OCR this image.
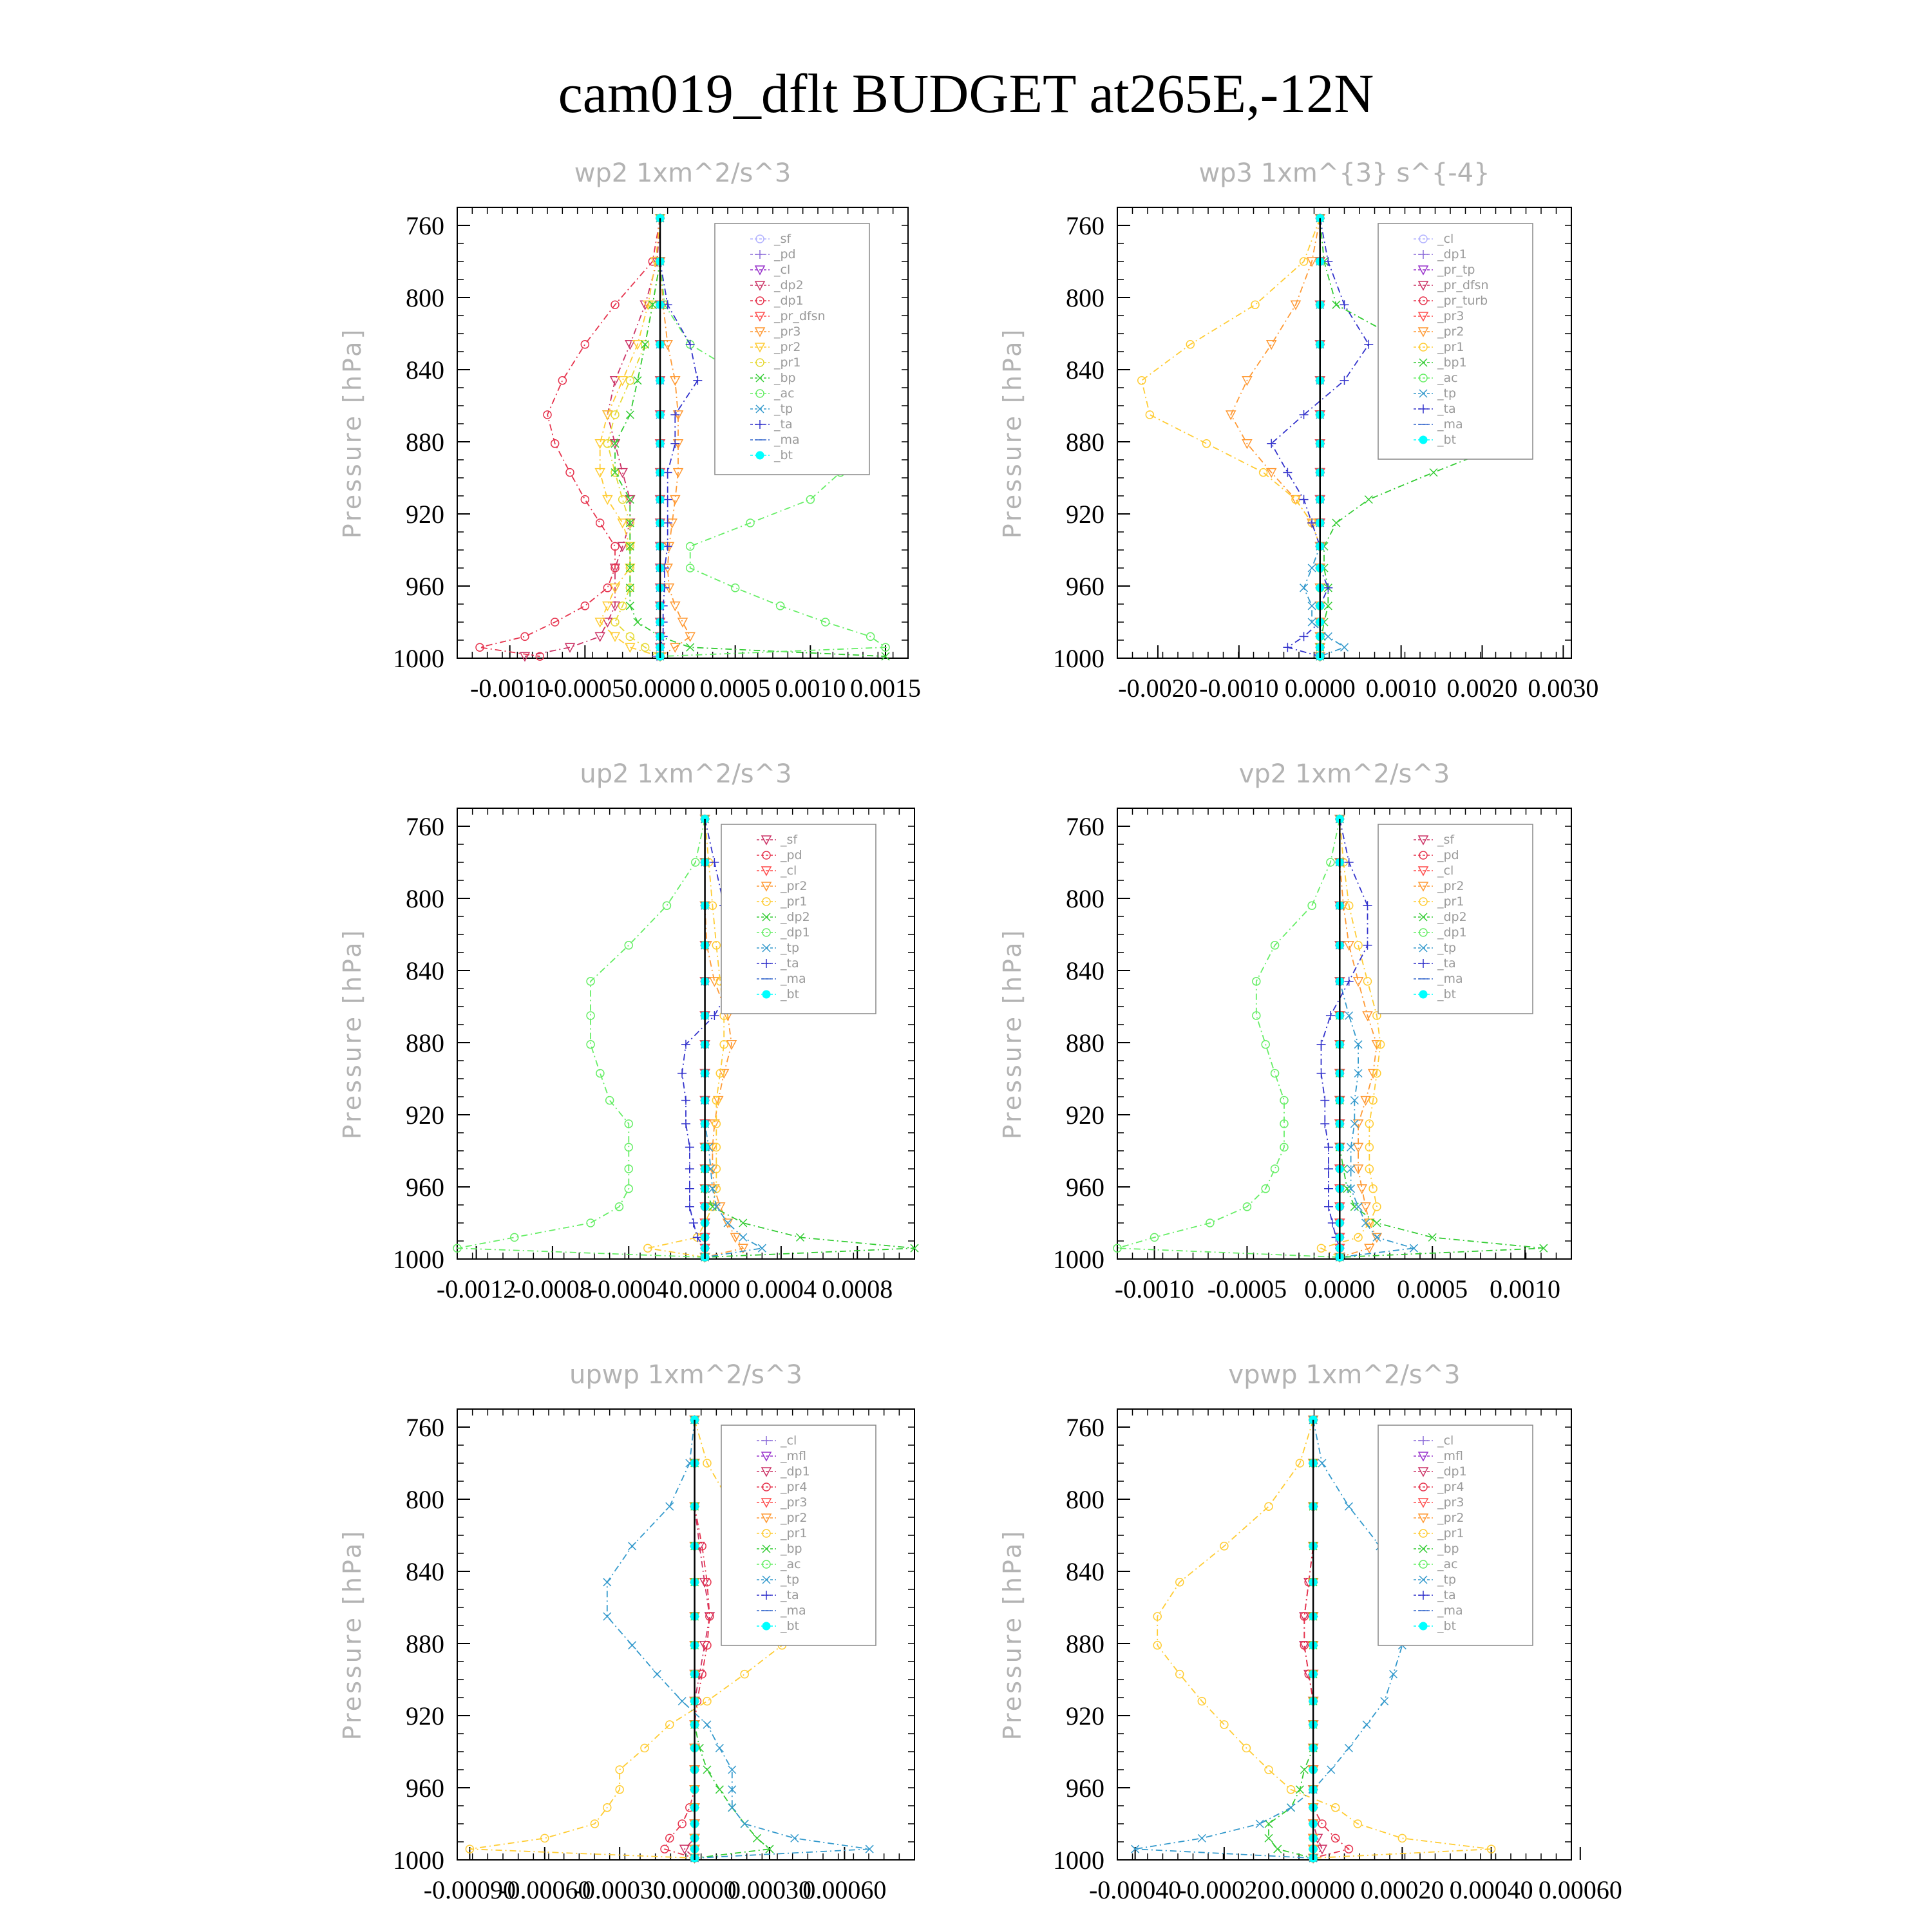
cam019_dflt BUDGET at265E,-12N
-0.0010
-0.0005 0.0000 0.0005 0.0010 0.0015
760
800
840
880
920
960
1000
wp2 1xm^2/s^3
Pressure [hPa]
_sf
_pd
_cl
_dp2
_dp1
_pr_dfsn
_pr3
_pr2
_pr1
_bp
_ac
_tp
_ta
_ma
_bt
-0.0020 -0.0010 0.0000 0.0010 0.0020 0.0030
760
800
840
880
920
960
1000
wp3 1xm^{3} s^{-4}
Pressure [hPa]
_cl
_dp1
_pr_tp
_pr_dfsn
_pr_turb
_pr3
_pr2
_pr1
_bp1
_ac
_tp
_ta
_ma
_bt
-0.0012
-0.0008
-0.0004 0.0000 0.0004 0.0008
760
800
840
880
920
960
1000
up2 1xm^2/s^3
Pressure [hPa]
_sf
_pd
_cl
_pr2
_pr1
_dp2
_dp1
_tp
_ta
_ma
_bt
-0.0010 -0.0005 0.0000 0.0005 0.0010
760
800
840
880
920
960
1000
vp2 1xm^2/s^3
Pressure [hPa]
_sf
_pd
_cl
_pr2
_pr1
_dp2
_dp1
_tp
_ta
_ma
_bt
-0.00090
-0.00060
-0.00030
0.00000
0.00030
0.00060
760
800
840
880
920
960
1000
upwp 1xm^2/s^3
Pressure [hPa]
_cl
_mfl
_dp1
_pr4
_pr3
_pr2
_pr1
_bp
_ac
_tp
_ta
_ma
_bt
-0.00040
-0.00020 0.00000 0.00020 0.00040 0.00060
760
800
840
880
920
960
1000
vpwp 1xm^2/s^3
Pressure [hPa]
_cl
_mfl
_dp1
_pr4
_pr3
_pr2
_pr1
_bp
_ac
_tp
_ta
_ma
_bt
